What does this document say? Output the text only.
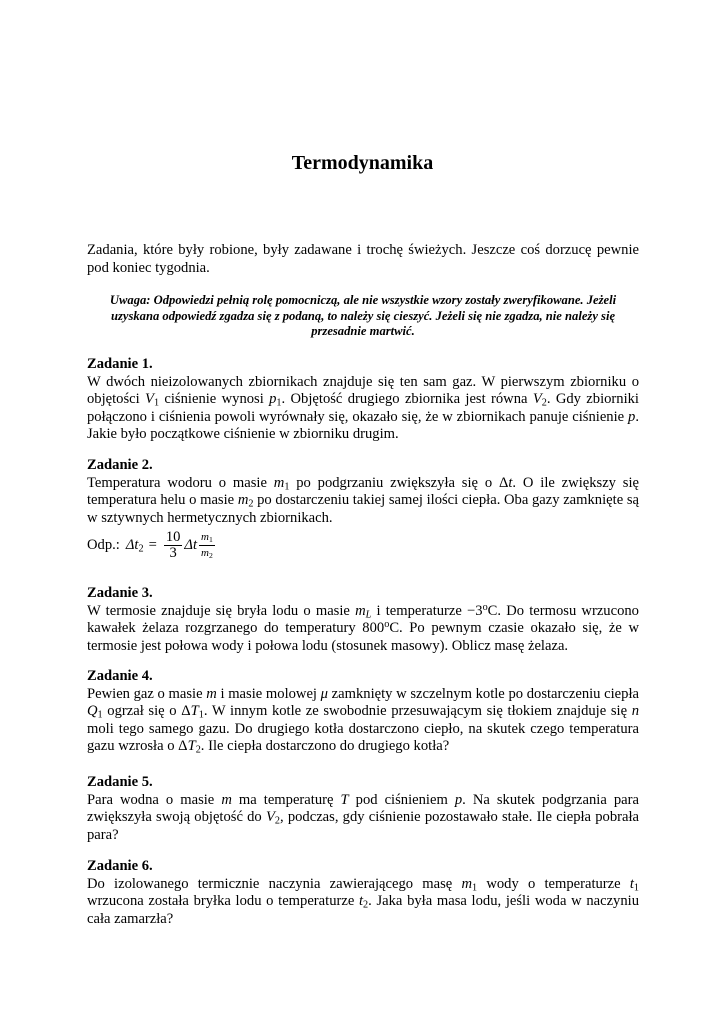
Termodynamika
Zadania, które były robione, były zadawane i trochę świeżych. Jeszcze coś dorzucę pewnie pod koniec tygodnia.
Uwaga: Odpowiedzi pełnią rolę pomocniczą, ale nie wszystkie wzory zostały zweryfikowane. Jeżeli uzyskana odpowiedź zgadza się z podaną, to należy się cieszyć. Jeżeli się nie zgadza, nie należy się przesadnie martwić.
Zadanie 1.
W dwóch nieizolowanych zbiornikach znajduje się ten sam gaz. W pierwszym zbiorniku o objętości $V_1$ ciśnienie wynosi $p_1$. Objętość drugiego zbiornika jest równa $V_2$. Gdy zbiorniki połączono i ciśnienia powoli wyrównały się, okazało się, że w zbiornikach panuje ciśnienie p. Jakie było początkowe ciśnienie w zbiorniku drugim.
Zadanie 2.
Temperatura wodoru o masie $m_1$ po podgrzaniu zwiększyła się o Δt. O ile zwiększy się temperatura helu o masie $m_2$ po dostarczeniu takiej samej ilości ciepła. Oba gazy zamknięte są w sztywnych hermetycznych zbiornikach.
Odp.: $\Delta t_2 = \frac{10}{3}$ Δt $\frac{m_1}{m_2}$
Zadanie 3.
W termosie znajduje się bryła lodu o masie $m_L$ i temperaturze $-3^oC$. Do termosu wrzucono kawałek żelaza rozgrzanego do temperatury 800$^o$C. Po pewnym czasie okazało się, że w termosie jest połowa wody i połowa lodu (stosunek masowy). Oblicz masę żelaza.
Zadanie 4.
Pewien gaz o masie m i masie molowej μ zamknięty w szczelnym kotle po dostarczeniu ciepła $Q_1$ ogrzał się o $\Delta T_1$. W innym kotle ze swobodnie przesuwającym się tłokiem znajduje się n moli tego samego gazu. Do drugiego kotła dostarczono ciepło, na skutek czego temperatura gazu wzrosła o $\Delta T_2$. Ile ciepła dostarczono do drugiego kotła?
Zadanie 5.
Para wodna o masie m ma temperaturę T pod ciśnieniem p. Na skutek podgrzania para zwiększyła swoją objętość do $V_2$, podczas, gdy ciśnienie pozostawało stałe. Ile ciepła pobrała para?
Zadanie 6.
Do izolowanego termicznie naczynia zawierającego masę $m_1$ wody o temperaturze $t_1$ wrzucona została bryłka lodu o temperaturze $t_2$. Jaka była masa lodu, jeśli woda w naczyniu cała zamarzła?
